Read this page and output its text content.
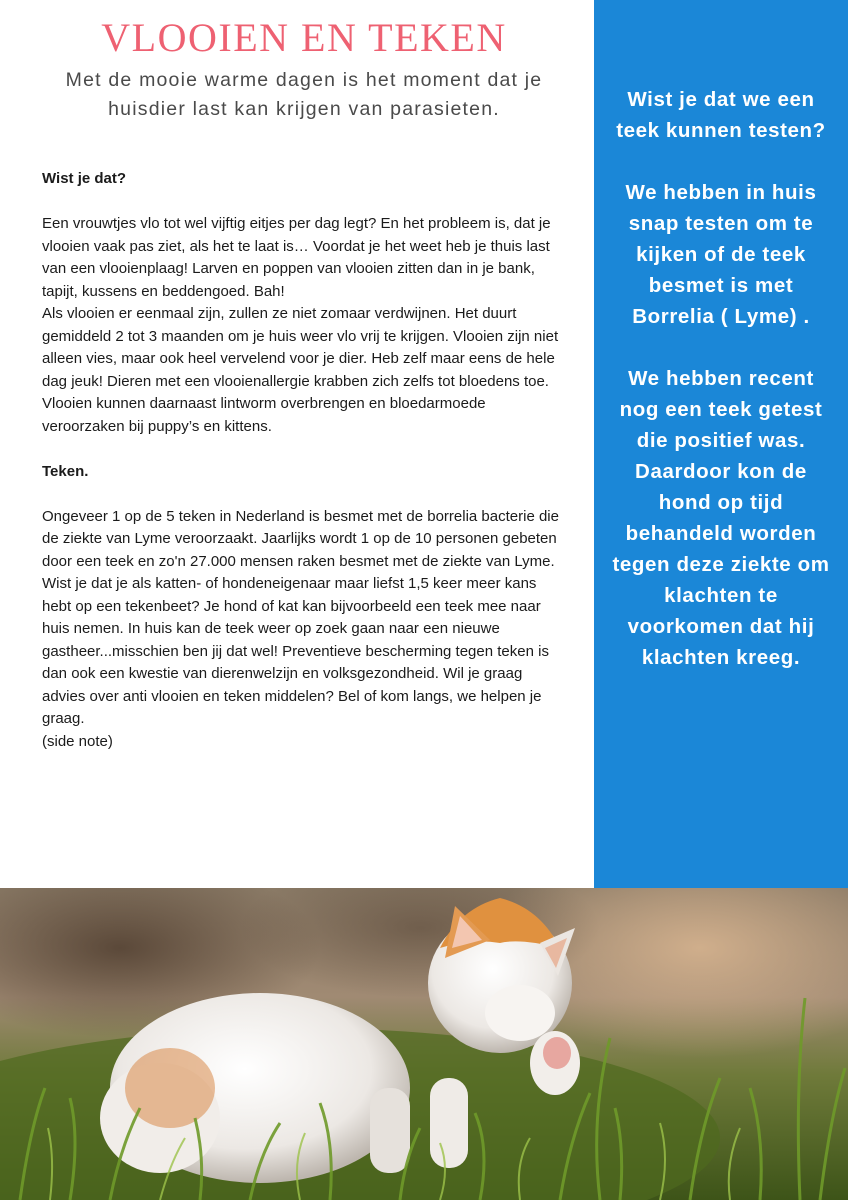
VLOOIEN EN TEKEN
Met de mooie warme dagen is het moment dat je huisdier last kan krijgen van parasieten.

Wist je dat?

Een vrouwtjes vlo tot wel vijftig eitjes per dag legt? En het probleem is, dat je vlooien vaak pas ziet, als het te laat is… Voordat je het weet heb je thuis last van een vlooienplaag! Larven en poppen van vlooien zitten dan in je bank, tapijt, kussens en beddengoed. Bah!

Als vlooien er eenmaal zijn, zullen ze niet zomaar verdwijnen. Het duurt gemiddeld 2 tot 3 maanden om je huis weer vlo vrij te krijgen. Vlooien zijn niet alleen vies, maar ook heel vervelend voor je dier. Heb zelf maar eens de hele dag jeuk! Dieren met een vlooienallergie krabben zich zelfs tot bloedens toe. Vlooien kunnen daarnaast lintworm overbrengen en bloedarmoede veroorzaken bij puppy’s en kittens.

Teken.

Ongeveer 1 op de 5 teken in Nederland is besmet met de borrelia bacterie die de ziekte van Lyme veroorzaakt. Jaarlijks wordt 1 op de 10 personen gebeten door een teek en zo'n 27.000 mensen raken besmet met de ziekte van Lyme. Wist je dat je als katten- of hondeneigenaar maar liefst 1,5 keer meer kans hebt op een tekenbeet? Je hond of kat kan bijvoorbeeld een teek mee naar huis nemen. In huis kan de teek weer op zoek gaan naar een nieuwe gastheer...misschien ben jij dat wel! Preventieve bescherming tegen teken is dan ook een kwestie van dierenwelzijn en volksgezondheid. Wil je graag advies over anti vlooien en teken middelen? Bel of kom langs, we helpen je graag.

(side note)

Wist je dat we een teek kunnen testen?

We hebben in huis snap testen om te kijken of de teek besmet is met Borrelia ( Lyme) .

We hebben recent nog een teek getest die positief was. Daardoor kon de hond op tijd behandeld worden tegen deze ziekte om klachten te voorkomen dat hij klachten kreeg.
